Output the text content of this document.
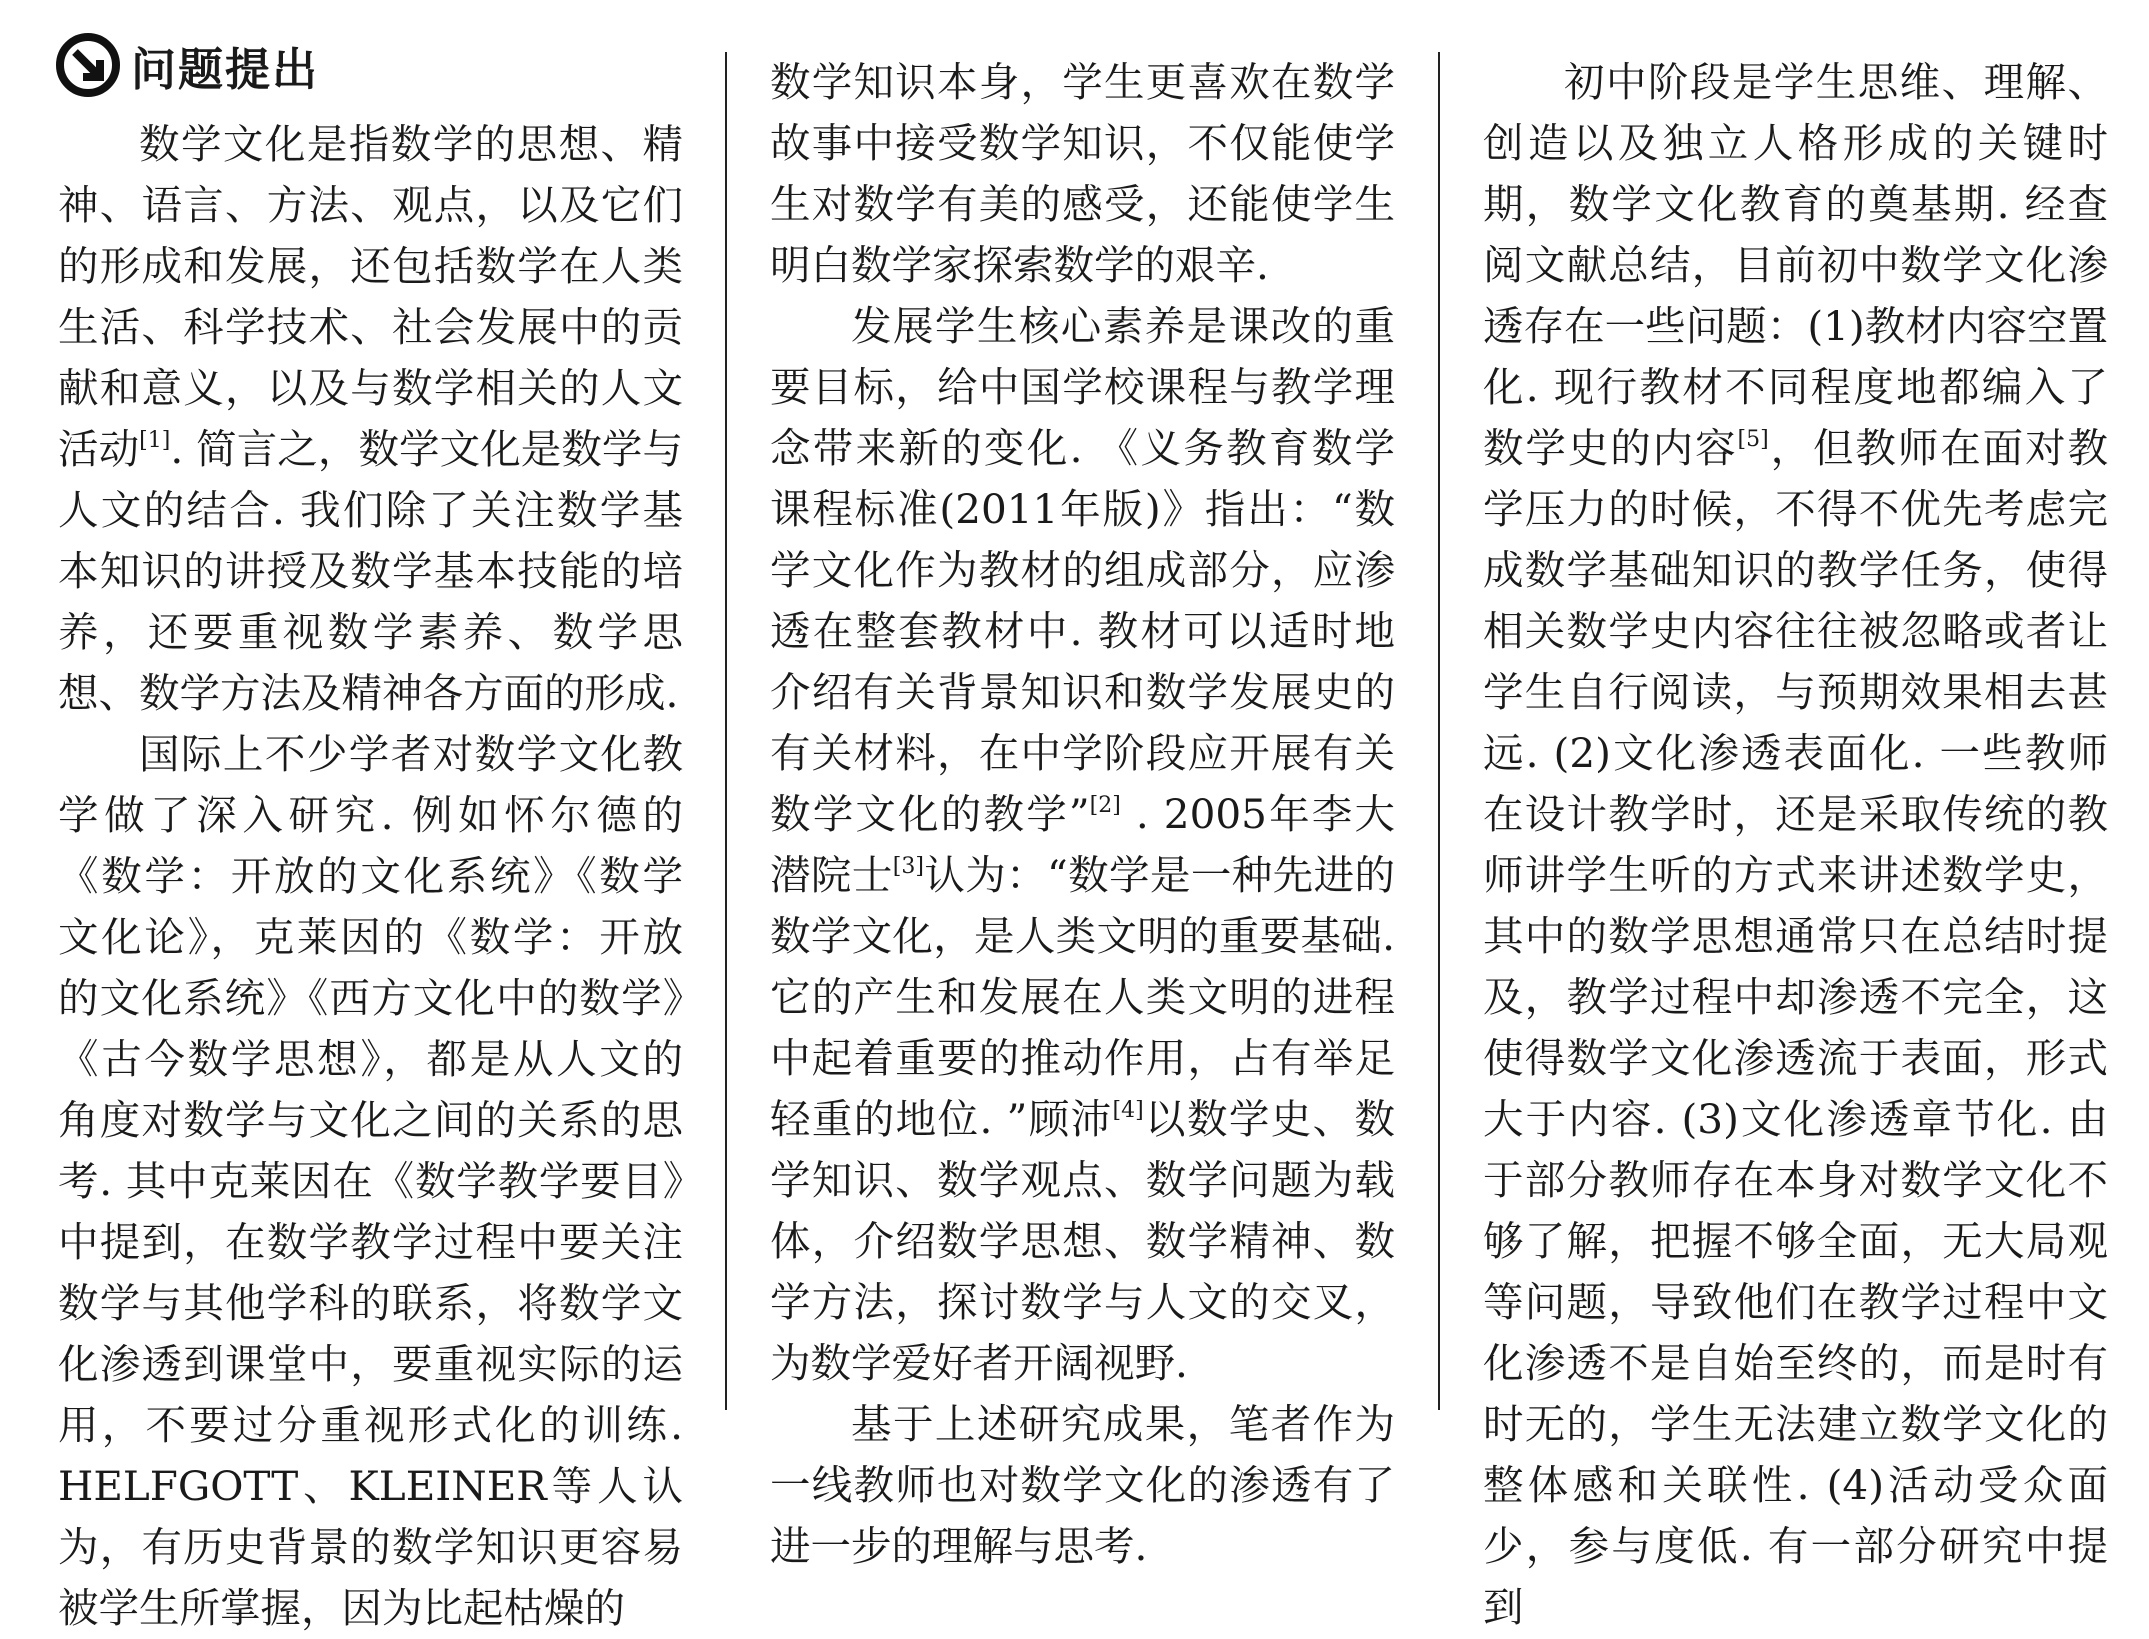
问题提出

数学文化是指数学的思想、精神、语言、方法、观点，以及它们的形成和发展，还包括数学在人类生活、科学技术、社会发展中的贡献和意义，以及与数学相关的人文活动[1]. 简言之，数学文化是数学与人文的结合. 我们除了关注数学基本知识的讲授及数学基本技能的培养，还要重视数学素养、数学思想、数学方法及精神各方面的形成.

国际上不少学者对数学文化教学做了深入研究. 例如怀尔德的《数学：开放的文化系统》《数学文化论》，克莱因的《数学：开放的文化系统》《西方文化中的数学》《古今数学思想》，都是从人文的角度对数学与文化之间的关系的思考. 其中克莱因在《数学教学要目》中提到，在数学教学过程中要关注数学与其他学科的联系，将数学文化渗透到课堂中，要重视实际的运用，不要过分重视形式化的训练. HELFGOTT、KLEINER等人认为，有历史背景的数学知识更容易被学生所掌握，因为比起枯燥的

数学知识本身，学生更喜欢在数学故事中接受数学知识，不仅能使学生对数学有美的感受，还能使学生明白数学家探索数学的艰辛.

发展学生核心素养是课改的重要目标，给中国学校课程与教学理念带来新的变化. 《义务教育数学课程标准(2011年版)》指出：“数学文化作为教材的组成部分，应渗透在整套教材中. 教材可以适时地介绍有关背景知识和数学发展史的有关材料，在中学阶段应开展有关数学文化的教学”[2] . 2005年李大潜院士[3]认为：“数学是一种先进的数学文化，是人类文明的重要基础. 它的产生和发展在人类文明的进程中起着重要的推动作用，占有举足轻重的地位. ”顾沛[4]以数学史、数学知识、数学观点、数学问题为载体，介绍数学思想、数学精神、数学方法，探讨数学与人文的交叉，为数学爱好者开阔视野.

基于上述研究成果，笔者作为一线教师也对数学文化的渗透有了进一步的理解与思考.

初中阶段是学生思维、理解、创造以及独立人格形成的关键时期，数学文化教育的奠基期. 经查阅文献总结，目前初中数学文化渗透存在一些问题：(1)教材内容空置化. 现行教材不同程度地都编入了数学史的内容[5]，但教师在面对教学压力的时候，不得不优先考虑完成数学基础知识的教学任务，使得相关数学史内容往往被忽略或者让学生自行阅读，与预期效果相去甚远. (2)文化渗透表面化. 一些教师在设计教学时，还是采取传统的教师讲学生听的方式来讲述数学史，其中的数学思想通常只在总结时提及，教学过程中却渗透不完全，这使得数学文化渗透流于表面，形式大于内容. (3)文化渗透章节化. 由于部分教师存在本身对数学文化不够了解，把握不够全面，无大局观等问题，导致他们在教学过程中文化渗透不是自始至终的，而是时有时无的，学生无法建立数学文化的整体感和关联性. (4)活动受众面少，参与度低. 有一部分研究中提到
